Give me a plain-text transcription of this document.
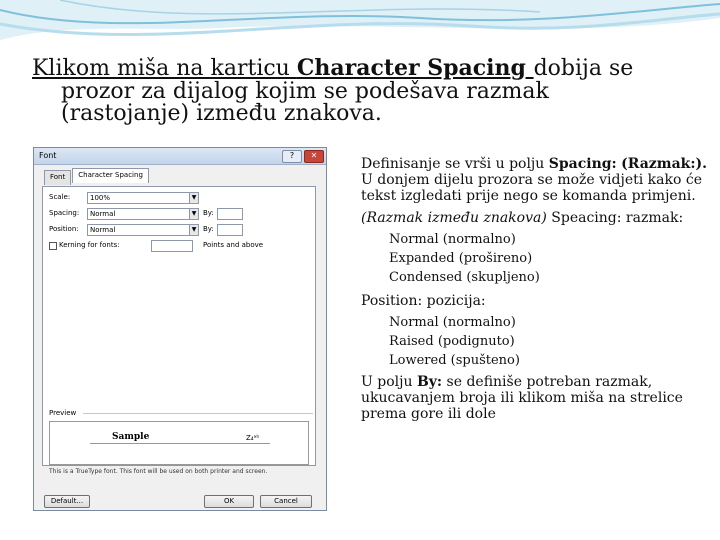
Klikom miša na karticu Character Spacing dobija se
prozor za dijalog kojim se podešava razmak
(rastojanje) između znakova.
Font	?	✕
Font	Character Spacing
Scale:	100%	▼
Spacing:	Normal	▼ By:
Position:	Normal	▼ By:
Kerning for fonts:	Points and above
Preview
Sample	Z₄ᵃᵇ
This is a TrueType font. This font will be used on both printer and screen.
Default...	OK	Cancel
Definisanje se vrši u polju Spacing: (Razmak:). U donjem dijelu prozora se može vidjeti kako će tekst izgledati prije nego se komanda primjeni.
(Razmak između znakova) Speacing: razmak:
Normal (normalno)
Expanded (prošireno)
Condensed (skupljeno)
Position: pozicija:
Normal (normalno)
Raised (podignuto)
Lowered (spušteno)
U polju By: se definiše potreban razmak, ukucavanjem broja ili klikom miša na strelice prema gore ili dole
